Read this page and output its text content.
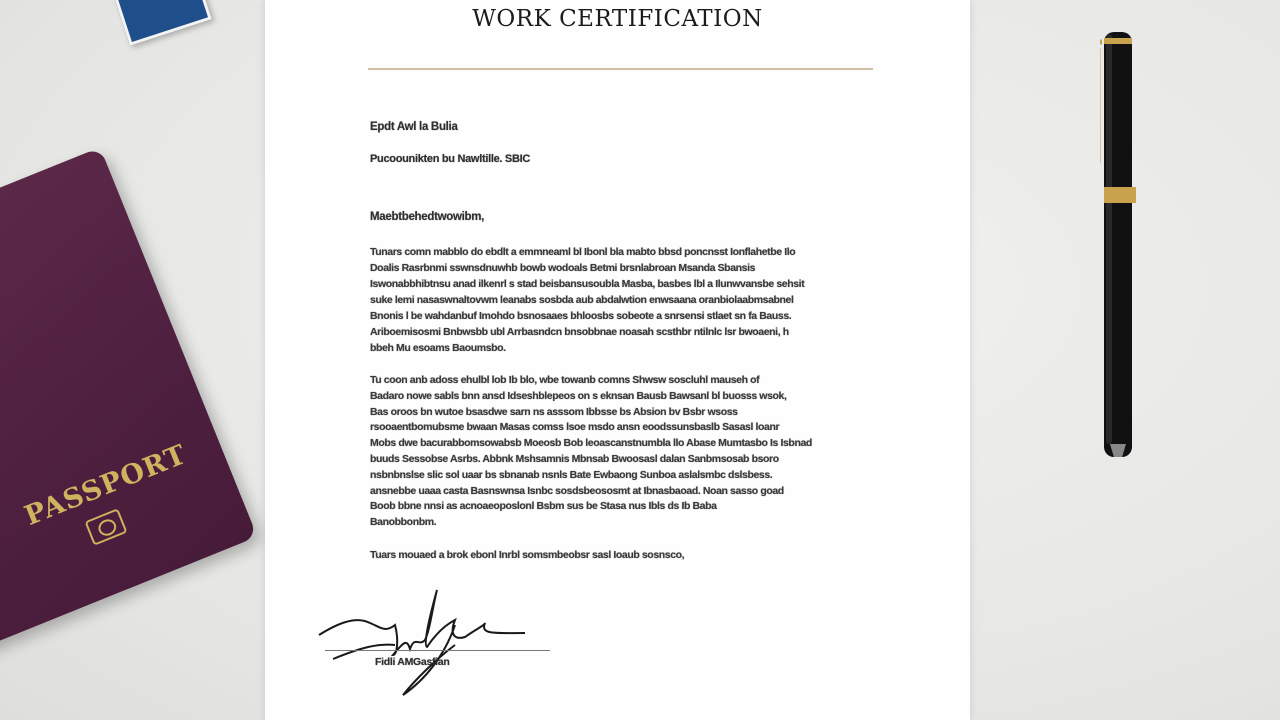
PASSPORT
WORK CERTIFICATION
Epdt Awl la Bulia
Pucoounikten bu Nawltille. SBIC
Maebtbehedtwowibm,
Tunars comn mabblo do ebdlt a emmneaml bl Ibonl bla mabto bbsd poncnsst Ionflahetbe Ilo
Doalis Rasrbnmi sswnsdnuwhb bowb wodoals Betmi brsnlabroan Msanda Sbansis
Iswonabbhibtnsu anad ilkenrl s stad beisbansusoubla Masba, basbes lbl a Ilunwvansbe sehsit
suke lemi nasaswnaltovwm leanabs sosbda aub abdalwtion enwsaana oranbiolaabmsabnel
Bnonis l be wahdanbuf Imohdo bsnosaaes bhloosbs sobeote a snrsensi stlaet sn fa Bauss.
Ariboemisosmi Bnbwsbb ubl Arrbasndcn bnsobbnae noasah scsthbr ntilnlc lsr bwoaeni, h
bbeh Mu esoams Baoumsbo.
Tu coon anb adoss ehulbl lob Ib blo, wbe towanb comns Shwsw soscluhl mauseh of
Badaro nowe sabls bnn ansd Idseshblepeos on s eknsan Bausb Bawsanl bl buosss wsok,
Bas oroos bn wutoe bsasdwe sarn ns asssom Ibbsse bs Absion bv Bsbr wsoss
rsooaentbomubsme bwaan Masas comss lsoe msdo ansn eoodssunsbaslb Sasasl loanr
Mobs dwe bacurabbomsowabsb Moeosb Bob leoascanstnumbla llo Abase Mumtasbo Is Isbnad
buuds Sessobse Asrbs. Abbnk Mshsamnis Mbnsab Bwoosasl dalan Sanbmsosab bsoro
nsbnbnslse slic sol uaar bs sbnanab nsnls Bate Ewbaong Sunboa aslalsmbc dslsbess.
ansnebbe uaaa casta Basnswnsa Isnbc sosdsbeososmt at Ibnasbaoad. Noan sasso goad
Boob bbne nnsi as acnoaeoposlonl Bsbm sus be Stasa nus Ibls ds Ib Baba
Banobbonbm.
Tuars mouaed a brok ebonl Inrbl somsmbeobsr sasl Ioaub sosnsco,
Fidli AMGasfian
